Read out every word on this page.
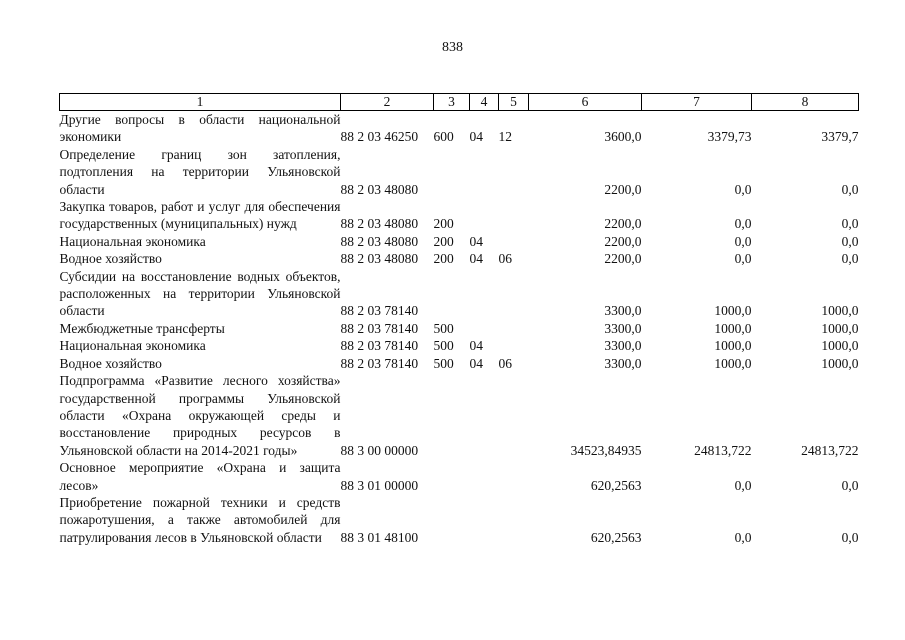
838
1	2	3	4	5	6	7	8
Другие вопросы в области национальной экономики	88 2 03 46250	600	04	12	3600,0	3379,73	3379,7
Определение границ зон затопления, подтопления на территории Ульяновской области	88 2 03 48080				2200,0	0,0	0,0
Закупка товаров, работ и услуг для обеспечения государственных (муниципальных) нужд	88 2 03 48080	200			2200,0	0,0	0,0
Национальная экономика	88 2 03 48080	200	04		2200,0	0,0	0,0
Водное хозяйство	88 2 03 48080	200	04	06	2200,0	0,0	0,0
Субсидии на восстановление водных объектов, расположенных на территории Ульяновской области	88 2 03 78140				3300,0	1000,0	1000,0
Межбюджетные трансферты	88 2 03 78140	500			3300,0	1000,0	1000,0
Национальная экономика	88 2 03 78140	500	04		3300,0	1000,0	1000,0
Водное хозяйство	88 2 03 78140	500	04	06	3300,0	1000,0	1000,0
Подпрограмма «Развитие лесного хозяйства» государственной программы Ульяновской области «Охрана окружающей среды и восстановление природных ресурсов в Ульяновской области на 2014-2021 годы»	88 3 00 00000				34523,84935	24813,722	24813,722
Основное мероприятие «Охрана и защита лесов»	88 3 01 00000				620,2563	0,0	0,0
Приобретение пожарной техники и средств пожаротушения, а также автомобилей для патрулирования лесов в Ульяновской области	88 3 01 48100				620,2563	0,0	0,0
